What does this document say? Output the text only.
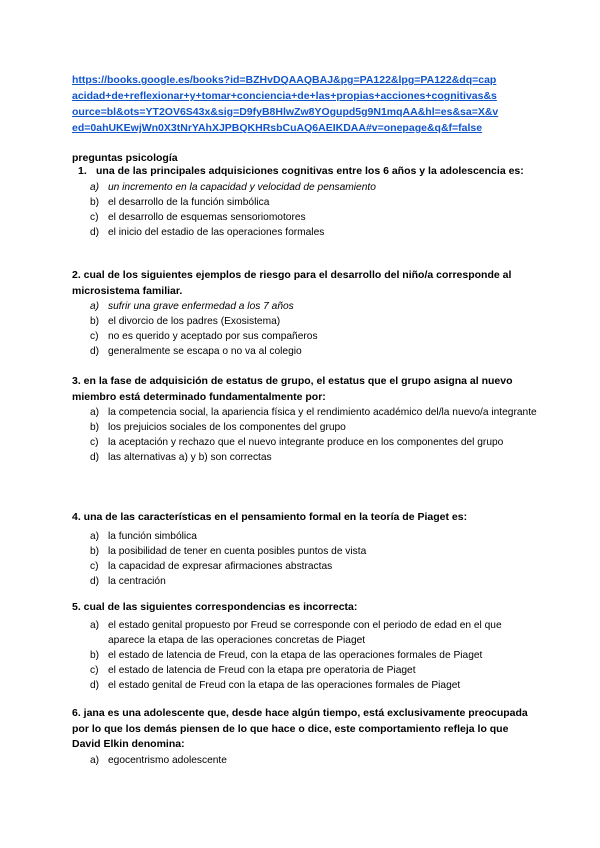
https://books.google.es/books?id=BZHvDQAAQBAJ&pg=PA122&lpg=PA122&dq=cap
acidad+de+reflexionar+y+tomar+conciencia+de+las+propias+acciones+cognitivas&s
ource=bl&ots=YT2OV6S43x&sig=D9fyB8HlwZw8YOgupd5g9N1mqAA&hl=es&sa=X&v
ed=0ahUKEwjWn0X3tNrYAhXJPBQKHRsbCuAQ6AEIKDAA#v=onepage&q&f=false
preguntas psicología
1. una de las principales adquisiciones cognitivas entre los 6 años y la adolescencia es:
a) un incremento en la capacidad y velocidad de pensamiento
b) el desarrollo de la función simbólica
c) el desarrollo de esquemas sensoriomotores
d) el inicio del estadio de las operaciones formales
2. cual de los siguientes ejemplos de riesgo para el desarrollo del niño/a corresponde al microsistema familiar.
a) sufrir una grave enfermedad a los 7 años
b) el divorcio de los padres (Exosistema)
c) no es querido y aceptado por sus compañeros
d) generalmente se escapa o no va al colegio
3. en la fase de adquisición de estatus de grupo, el estatus que el grupo asigna al nuevo miembro está determinado fundamentalmente por:
a) la competencia social, la apariencia física y el rendimiento académico del/la nuevo/a integrante
b) los prejuicios sociales de los componentes del grupo
c) la aceptación y rechazo que el nuevo integrante produce en los componentes del grupo
d) las alternativas a) y b) son correctas
4. una de las características en el pensamiento formal en la teoría de Piaget es:
a) la función simbólica
b) la posibilidad de tener en cuenta posibles puntos de vista
c) la capacidad de expresar afirmaciones abstractas
d) la centración
5. cual de las siguientes correspondencias es incorrecta:
a) el estado genital propuesto por Freud se corresponde con el periodo de edad en el que aparece la etapa de las operaciones concretas de Piaget
b) el estado de latencia de Freud, con la etapa de las operaciones formales de Piaget
c) el estado de latencia de Freud con la etapa pre operatoria de Piaget
d) el estado genital de Freud con la etapa de las operaciones formales de Piaget
6. jana es una adolescente que, desde hace algún tiempo, está exclusivamente preocupada por lo que los demás piensen de lo que hace o dice, este comportamiento refleja lo que David Elkin denomina:
a) egocentrismo adolescente
